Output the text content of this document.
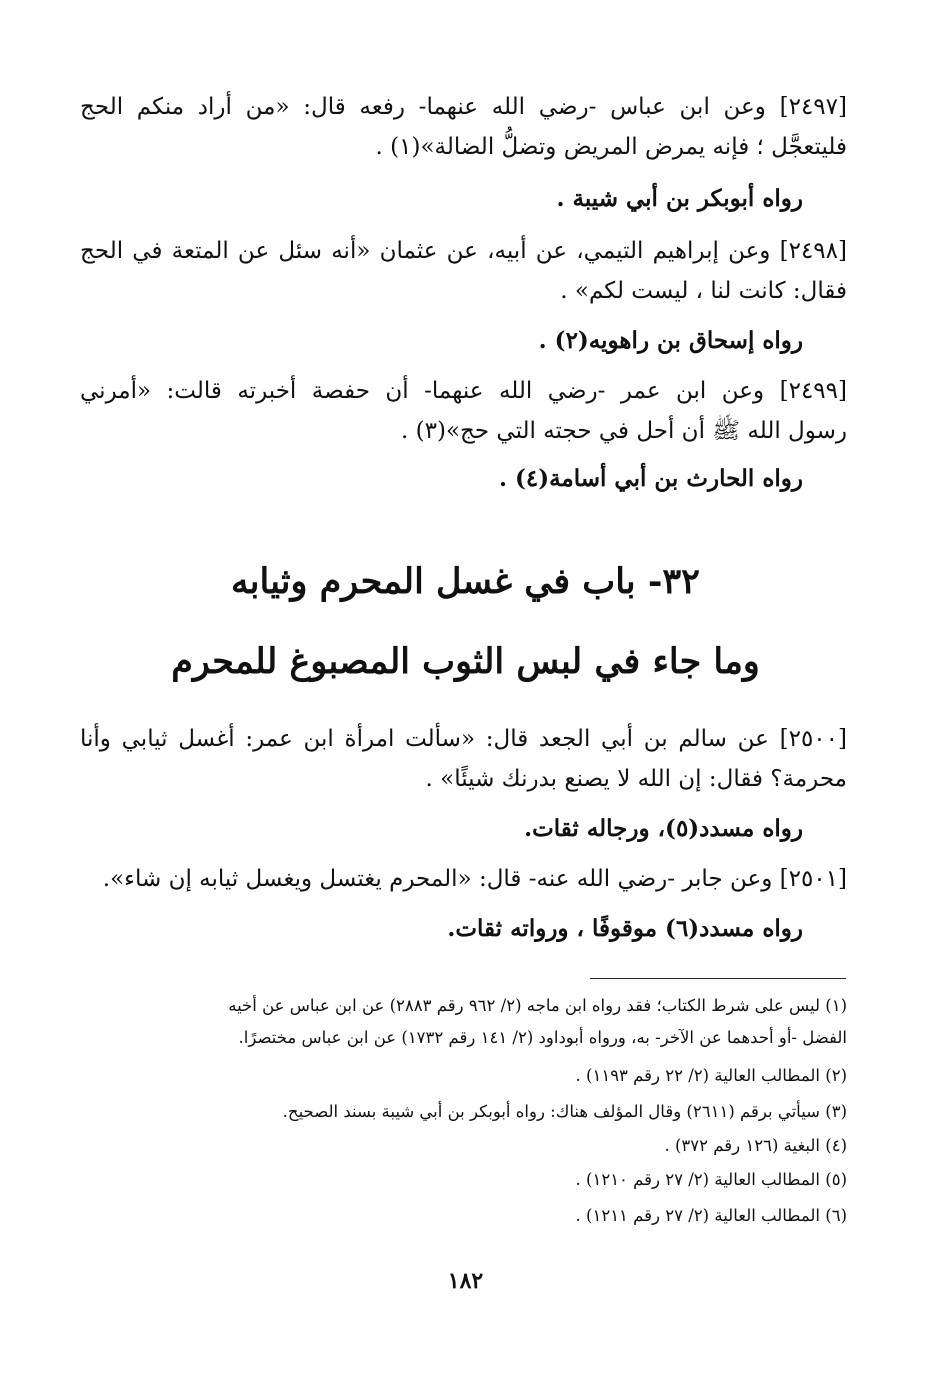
[٢٤٩٧] وعن ابن عباس -رضي الله عنهما- رفعه قال: «من أراد منكم الحج
فليتعجَّل ؛ فإنه يمرض المريض وتضلُّ الضالة»(١) .
رواه أبوبكر بن أبي شيبة .
[٢٤٩٨] وعن إبراهيم التيمي، عن أبيه، عن عثمان «أنه سئل عن المتعة في الحج
فقال: كانت لنا ، ليست لكم» .
رواه إسحاق بن راهويه(٢) .
[٢٤٩٩] وعن ابن عمر -رضي الله عنهما- أن حفصة أخبرته قالت: «أمرني
رسول الله ﷺ أن أحل في حجته التي حج»(٣) .
رواه الحارث بن أبي أسامة(٤) .
٣٢- باب في غسل المحرم وثيابه
وما جاء في لبس الثوب المصبوغ للمحرم
[٢٥٠٠] عن سالم بن أبي الجعد قال: «سألت امرأة ابن عمر: أغسل ثيابي وأنا
محرمة؟ فقال: إن الله لا يصنع بدرنك شيئًا» .
رواه مسدد(٥)، ورجاله ثقات.
[٢٥٠١] وعن جابر -رضي الله عنه- قال: «المحرم يغتسل ويغسل ثيابه إن شاء».
رواه مسدد(٦) موقوفًا ، ورواته ثقات.
(١) ليس على شرط الكتاب؛ فقد رواه ابن ماجه (٢/ ٩٦٢ رقم ٢٨٨٣) عن ابن عباس عن أخيه
الفضل -أو أحدهما عن الآخر- به، ورواه أبوداود (٢/ ١٤١ رقم ١٧٣٢) عن ابن عباس مختصرًا.
(٢) المطالب العالية (٢/ ٢٢ رقم ١١٩٣) .
(٣) سيأتي برقم (٢٦١١) وقال المؤلف هناك: رواه أبوبكر بن أبي شيبة بسند الصحيح.
(٤) البغية (١٢٦ رقم ٣٧٢) .
(٥) المطالب العالية (٢/ ٢٧ رقم ١٢١٠) .
(٦) المطالب العالية (٢/ ٢٧ رقم ١٢١١) .
١٨٢
